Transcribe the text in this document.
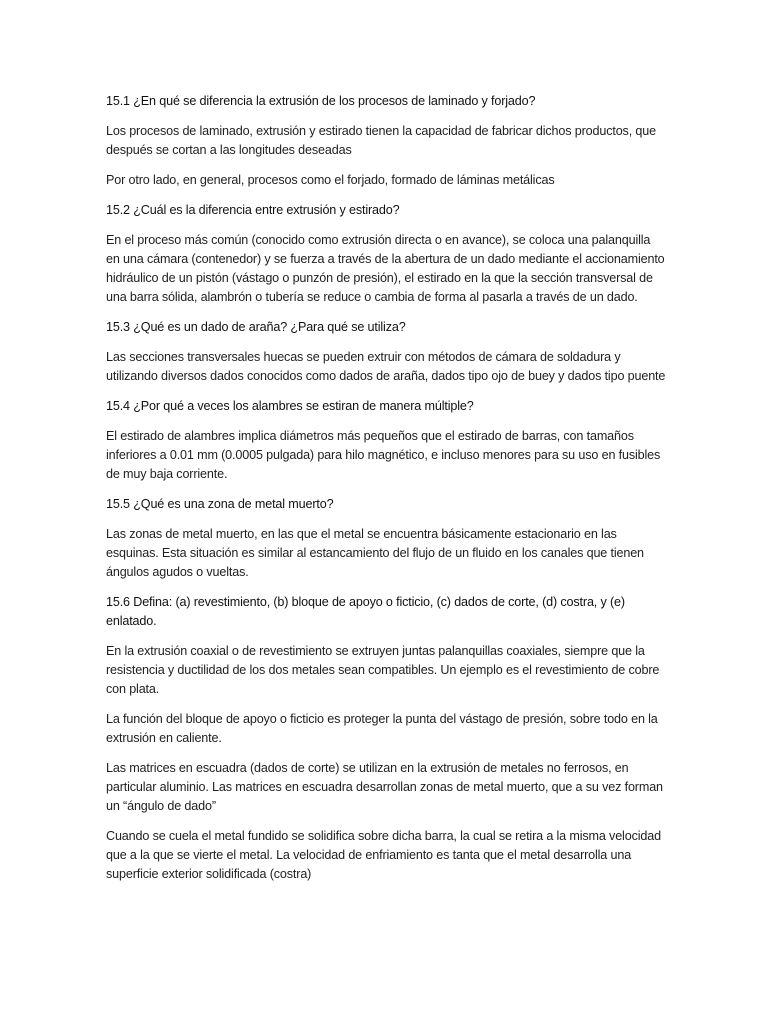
15.1 ¿En qué se diferencia la extrusión de los procesos de laminado y forjado?

Los procesos de laminado, extrusión y estirado tienen la capacidad de fabricar dichos productos, que después se cortan a las longitudes deseadas

Por otro lado, en general, procesos como el forjado, formado de láminas metálicas

15.2 ¿Cuál es la diferencia entre extrusión y estirado?

En el proceso más común (conocido como extrusión directa o en avance), se coloca una palanquilla en una cámara (contenedor) y se fuerza a través de la abertura de un dado mediante el accionamiento hidráulico de un pistón (vástago o punzón de presión), el estirado en la que la sección transversal de una barra sólida, alambrón o tubería se reduce o cambia de forma al pasarla a través de un dado.

15.3 ¿Qué es un dado de araña? ¿Para qué se utiliza?

Las secciones transversales huecas se pueden extruir con métodos de cámara de soldadura y utilizando diversos dados conocidos como dados de araña, dados tipo ojo de buey y dados tipo puente

15.4 ¿Por qué a veces los alambres se estiran de manera múltiple?

El estirado de alambres implica diámetros más pequeños que el estirado de barras, con tamaños inferiores a 0.01 mm (0.0005 pulgada) para hilo magnético, e incluso menores para su uso en fusibles de muy baja corriente.

15.5 ¿Qué es una zona de metal muerto?

Las zonas de metal muerto, en las que el metal se encuentra básicamente estacionario en las esquinas. Esta situación es similar al estancamiento del flujo de un fluido en los canales que tienen ángulos agudos o vueltas.

15.6 Defina: (a) revestimiento, (b) bloque de apoyo o ficticio, (c) dados de corte, (d) costra, y (e) enlatado.

En la extrusión coaxial o de revestimiento se extruyen juntas palanquillas coaxiales, siempre que la resistencia y ductilidad de los dos metales sean compatibles. Un ejemplo es el revestimiento de cobre con plata.

La función del bloque de apoyo o ficticio es proteger la punta del vástago de presión, sobre todo en la extrusión en caliente.

Las matrices en escuadra (dados de corte) se utilizan en la extrusión de metales no ferrosos, en particular aluminio. Las matrices en escuadra desarrollan zonas de metal muerto, que a su vez forman un “ángulo de dado”

Cuando se cuela el metal fundido se solidifica sobre dicha barra, la cual se retira a la misma velocidad que a la que se vierte el metal. La velocidad de enfriamiento es tanta que el metal desarrolla una superficie exterior solidificada (costra)
